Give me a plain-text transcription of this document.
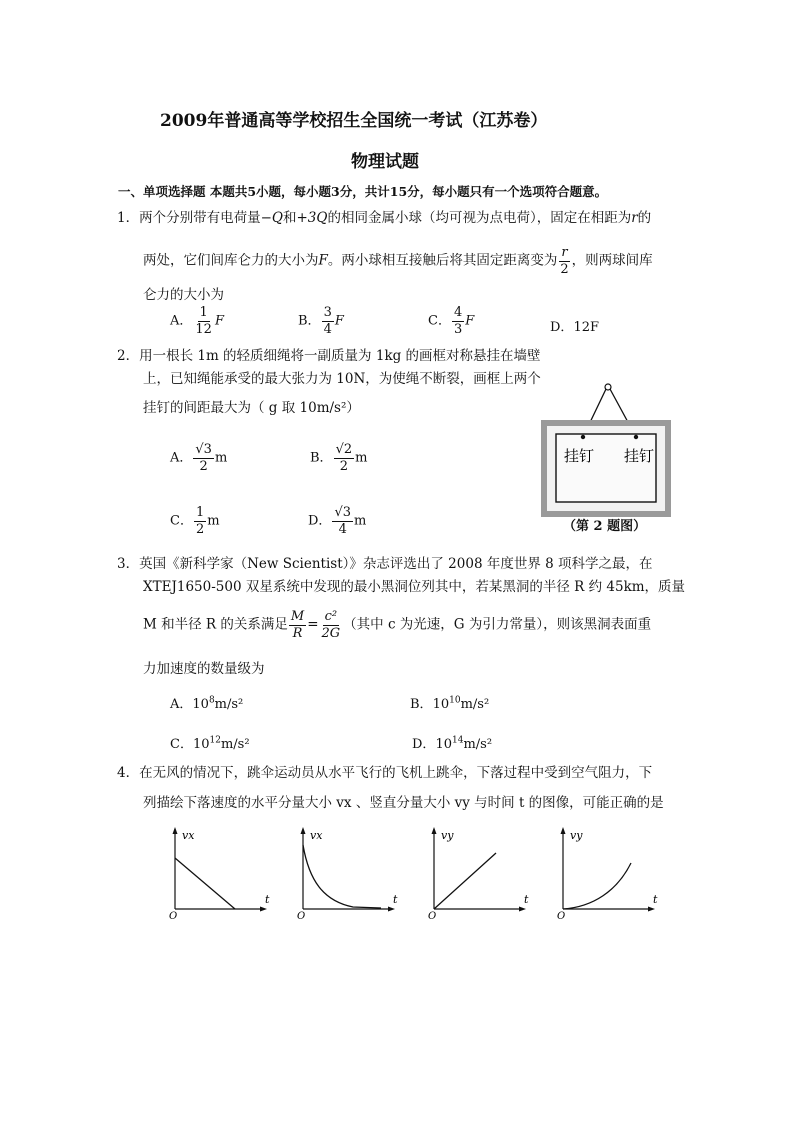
2009年普通高等学校招生全国统一考试（江苏卷）
物理试题
一、单项选择题 本题共5小题，每小题3分，共计15分，每小题只有一个选项符合题意。
1．两个分别带有电荷量−Q和+3Q的相同金属小球（均可视为点电荷），固定在相距为r的
两处，它们间库仑力的大小为F。两小球相互接触后将其固定距离变为 $\frac{r}{2}$ ，则两球间库
仑力的大小为
A． $\frac{1}{12}$ F	B． $\frac{3}{4}$ F	C． $\frac{4}{3}$ F	D．12F
2．用一根长 1m 的轻质细绳将一副质量为 1kg 的画框对称悬挂在墙壁
上，已知绳能承受的最大张力为 10N，为使绳不断裂，画框上两个
挂钉的间距最大为（ g 取 10m/s²）
A． $\frac{√3}{2}$ m	B． $\frac{√2}{2}$ m
C． $\frac{1}{2}$ m	D． $\frac{√3}{4}$ m
挂钉 挂钉
（第 2 题图）
3．英国《新科学家（New Scientist）》杂志评选出了 2008 年度世界 8 项科学之最，在
XTEJ1650-500 双星系统中发现的最小黑洞位列其中，若某黑洞的半径 R 约 45km，质量
M 和半径 R 的关系满足 $\frac{M}{R} = \frac{\text{c²}}{2G}$ （其中 c 为光速，G 为引力常量），则该黑洞表面重
力加速度的数量级为
A．$10^8m/s^2$	B．$10^{10}m/s^2$
C．$10^{12}m/s^2$	D．$10^{14}m/s^2$
4．在无风的情况下，跳伞运动员从水平飞行的飞机上跳伞，下落过程中受到空气阻力，下
列描绘下落速度的水平分量大小 vx 、竖直分量大小 vy 与时间 t 的图像，可能正确的是
vx
t
O
vx
t
O
vy
t
O
vy
t
O
